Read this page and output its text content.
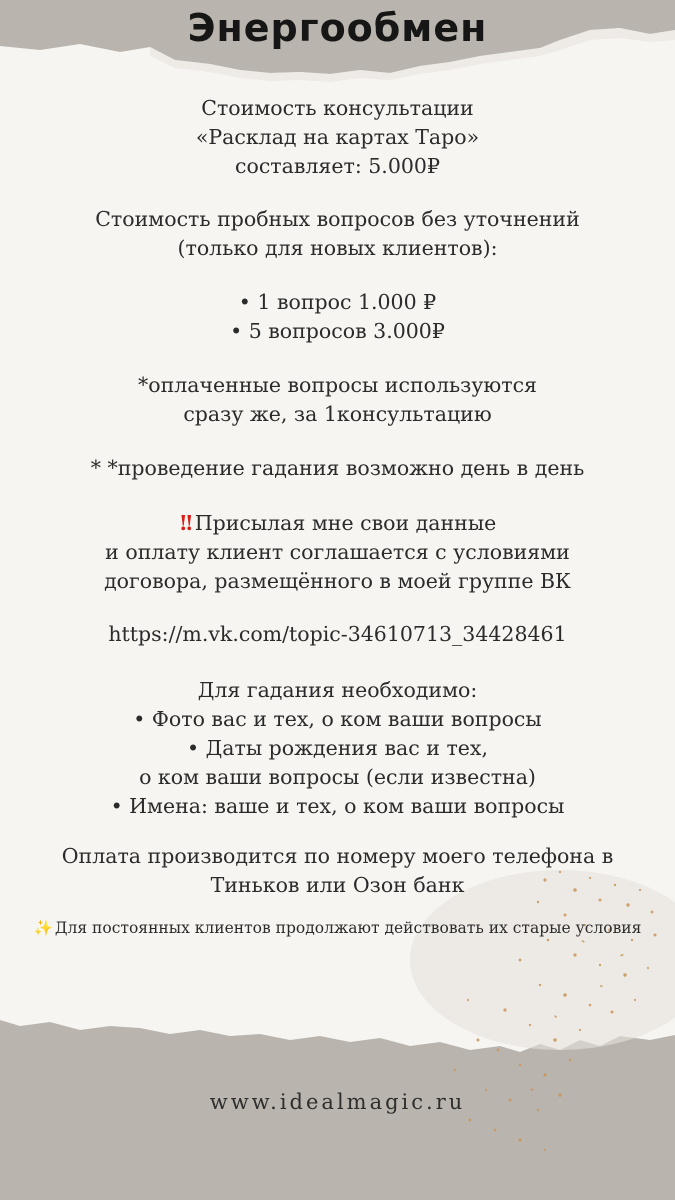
Энергообмен
Стоимость консультации
«Расклад на картах Таро»
составляет: 5.000₽
Стоимость пробных вопросов без уточнений
(только для новых клиентов):
• 1 вопрос 1.000 ₽
• 5 вопросов 3.000₽
*оплаченные вопросы используются
сразу же, за 1консультацию
* *проведение гадания возможно день в день
!! Присылая мне свои данные
и оплату клиент соглашается с условиями
договора, размещённого в моей группе ВК
https://m.vk.com/topic-34610713_34428461
Для гадания необходимо:
• Фото вас и тех, о ком ваши вопросы
• Даты рождения вас и тех,
о ком ваши вопросы (если известна)
• Имена: ваше и тех, о ком ваши вопросы
Оплата производится по номеру моего телефона в
Тиньков или Озон банк
✨ Для постоянных клиентов продолжают действовать их старые условия
www.idealmagic.ru
